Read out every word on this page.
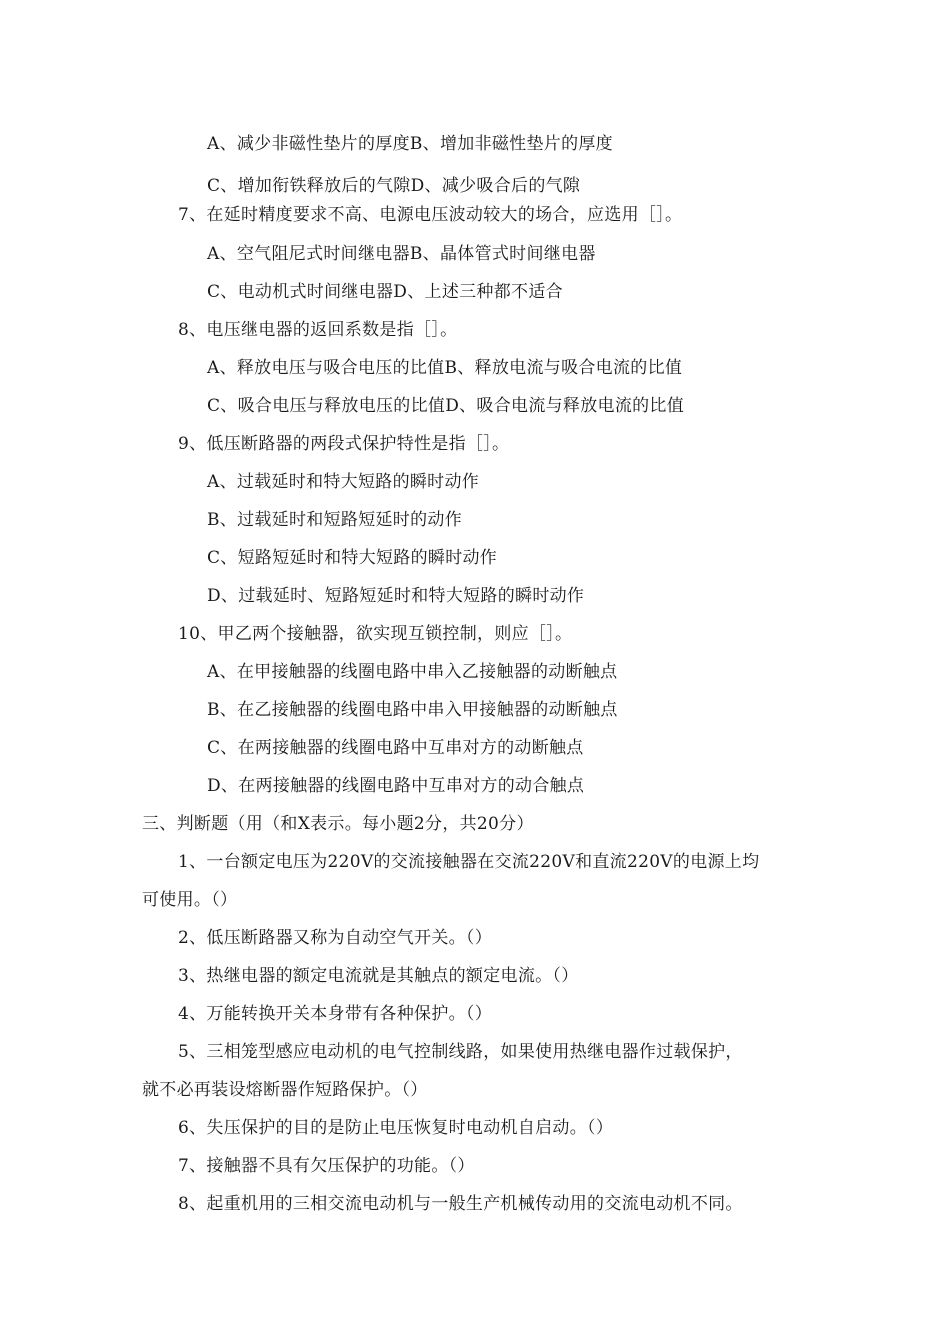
A、减少非磁性垫片的厚度B、增加非磁性垫片的厚度
C、增加衔铁释放后的气隙D、减少吸合后的气隙
7、在延时精度要求不高、电源电压波动较大的场合，应选用［］。
A、空气阻尼式时间继电器B、晶体管式时间继电器
C、电动机式时间继电器D、上述三种都不适合
8、电压继电器的返回系数是指［］。
A、释放电压与吸合电压的比值B、释放电流与吸合电流的比值
C、吸合电压与释放电压的比值D、吸合电流与释放电流的比值
9、低压断路器的两段式保护特性是指［］。
A、过载延时和特大短路的瞬时动作
B、过载延时和短路短延时的动作
C、短路短延时和特大短路的瞬时动作
D、过载延时、短路短延时和特大短路的瞬时动作
10、甲乙两个接触器，欲实现互锁控制，则应［］。
A、在甲接触器的线圈电路中串入乙接触器的动断触点
B、在乙接触器的线圈电路中串入甲接触器的动断触点
C、在两接触器的线圈电路中互串对方的动断触点
D、在两接触器的线圈电路中互串对方的动合触点
三、判断题（用（和X表示。每小题2分，共20分）
1、一台额定电压为220V的交流接触器在交流220V和直流220V的电源上均
可使用。（）
2、低压断路器又称为自动空气开关。（）
3、热继电器的额定电流就是其触点的额定电流。（）
4、万能转换开关本身带有各种保护。（）
5、三相笼型感应电动机的电气控制线路，如果使用热继电器作过载保护，
就不必再装设熔断器作短路保护。（）
6、失压保护的目的是防止电压恢复时电动机自启动。（）
7、接触器不具有欠压保护的功能。（）
8、起重机用的三相交流电动机与一般生产机械传动用的交流电动机不同。
